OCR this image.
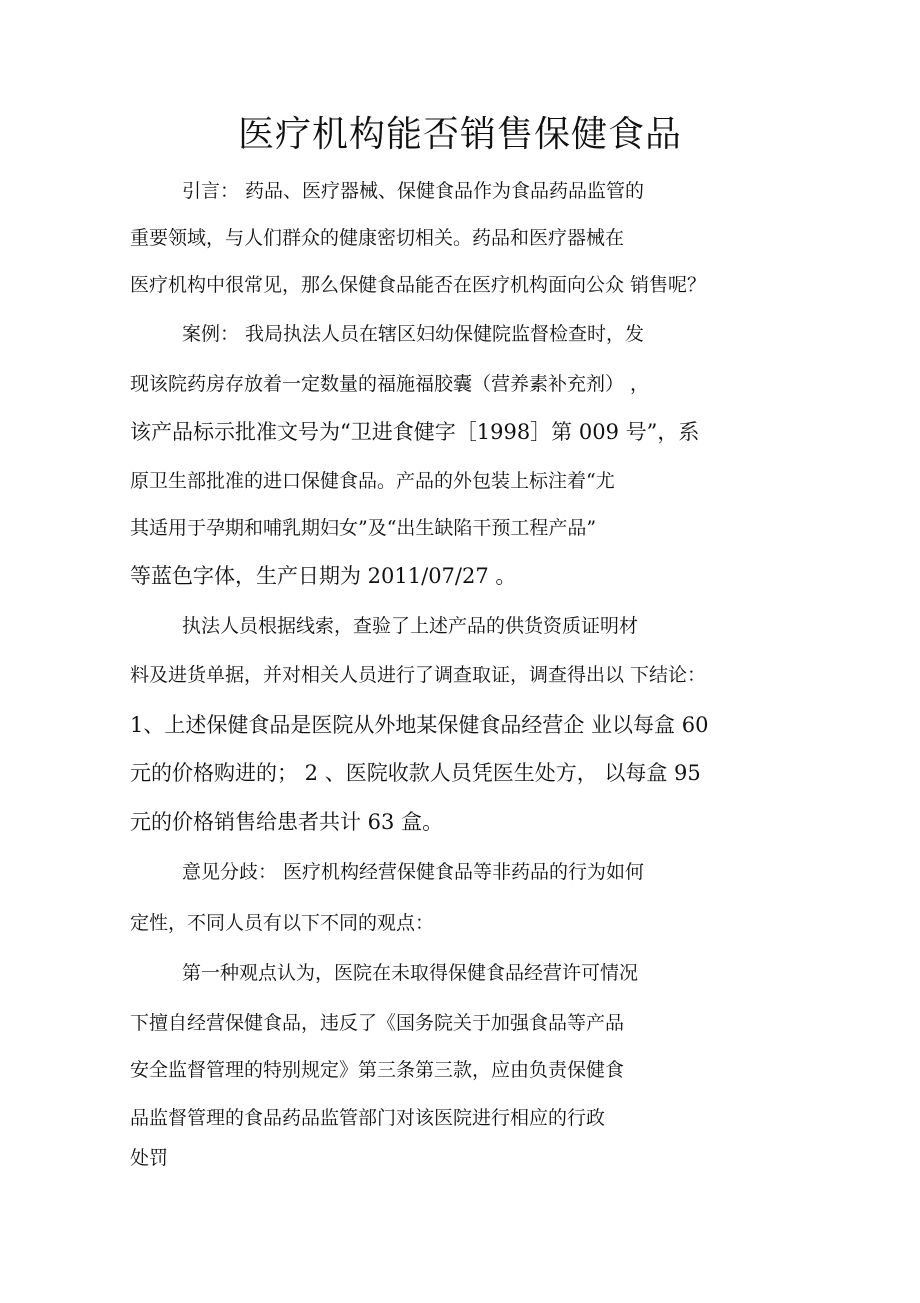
医疗机构能否销售保健食品
引言： 药品、医疗器械、保健食品作为食品药品监管的
重要领域，与人们群众的健康密切相关。药品和医疗器械在
医疗机构中很常见，那么保健食品能否在医疗机构面向公众 销售呢？
案例： 我局执法人员在辖区妇幼保健院监督检查时，发
现该院药房存放着一定数量的福施福胶囊（营养素补充剂） ，
该产品标示批准文号为“卫进食健字［1998］第 009 号”，系
原卫生部批准的进口保健食品。产品的外包装上标注着“尤
其适用于孕期和哺乳期妇女”及“出生缺陷干预工程产品”
等蓝色字体，生产日期为 2011/07/27 。
执法人员根据线索，查验了上述产品的供货资质证明材
料及进货单据，并对相关人员进行了调查取证，调查得出以 下结论：
1、上述保健食品是医院从外地某保健食品经营企 业以每盒 60
元的价格购进的； 2 、医院收款人员凭医生处方， 以每盒 95
元的价格销售给患者共计 63 盒。
意见分歧： 医疗机构经营保健食品等非药品的行为如何
定性，不同人员有以下不同的观点：
第一种观点认为，医院在未取得保健食品经营许可情况
下擅自经营保健食品，违反了《国务院关于加强食品等产品
安全监督管理的特别规定》第三条第三款，应由负责保健食
品监督管理的食品药品监管部门对该医院进行相应的行政
处罚
